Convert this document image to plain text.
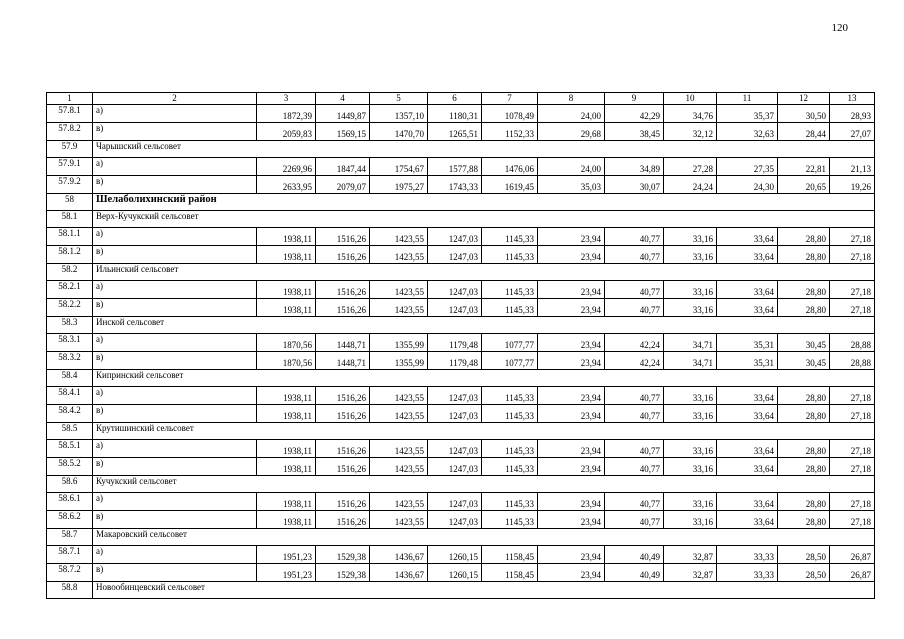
120
1	2	3	4	5	6	7	8	9	10	11	12	13
57.8.1	а)	1872,39	1449,87	1357,10	1180,31	1078,49	24,00	42,29	34,76	35,37	30,50	28,93
57.8.2	в)	2059,83	1569,15	1470,70	1265,51	1152,33	29,68	38,45	32,12	32,63	28,44	27,07
57.9	Чарышский сельсовет											
57.9.1	а)	2269,96	1847,44	1754,67	1577,88	1476,06	24,00	34,89	27,28	27,35	22,81	21,13
57.9.2	в)	2633,95	2079,07	1975,27	1743,33	1619,45	35,03	30,07	24,24	24,30	20,65	19,26
58	Шелаболихинский район											
58.1	Верх-Кучукский сельсовет											
58.1.1	а)	1938,11	1516,26	1423,55	1247,03	1145,33	23,94	40,77	33,16	33,64	28,80	27,18
58.1.2	в)	1938,11	1516,26	1423,55	1247,03	1145,33	23,94	40,77	33,16	33,64	28,80	27,18
58.2	Ильинский сельсовет											
58.2.1	а)	1938,11	1516,26	1423,55	1247,03	1145,33	23,94	40,77	33,16	33,64	28,80	27,18
58.2.2	в)	1938,11	1516,26	1423,55	1247,03	1145,33	23,94	40,77	33,16	33,64	28,80	27,18
58.3	Инской сельсовет											
58.3.1	а)	1870,56	1448,71	1355,99	1179,48	1077,77	23,94	42,24	34,71	35,31	30,45	28,88
58.3.2	в)	1870,56	1448,71	1355,99	1179,48	1077,77	23,94	42,24	34,71	35,31	30,45	28,88
58.4	Кипринский сельсовет											
58.4.1	а)	1938,11	1516,26	1423,55	1247,03	1145,33	23,94	40,77	33,16	33,64	28,80	27,18
58.4.2	в)	1938,11	1516,26	1423,55	1247,03	1145,33	23,94	40,77	33,16	33,64	28,80	27,18
58.5	Крутишинский сельсовет											
58.5.1	а)	1938,11	1516,26	1423,55	1247,03	1145,33	23,94	40,77	33,16	33,64	28,80	27,18
58.5.2	в)	1938,11	1516,26	1423,55	1247,03	1145,33	23,94	40,77	33,16	33,64	28,80	27,18
58.6	Кучукский сельсовет											
58.6.1	а)	1938,11	1516,26	1423,55	1247,03	1145,33	23,94	40,77	33,16	33,64	28,80	27,18
58.6.2	в)	1938,11	1516,26	1423,55	1247,03	1145,33	23,94	40,77	33,16	33,64	28,80	27,18
58.7	Макаровский сельсовет											
58.7.1	а)	1951,23	1529,38	1436,67	1260,15	1158,45	23,94	40,49	32,87	33,33	28,50	26,87
58.7.2	в)	1951,23	1529,38	1436,67	1260,15	1158,45	23,94	40,49	32,87	33,33	28,50	26,87
58.8	Новообинцевский сельсовет											
